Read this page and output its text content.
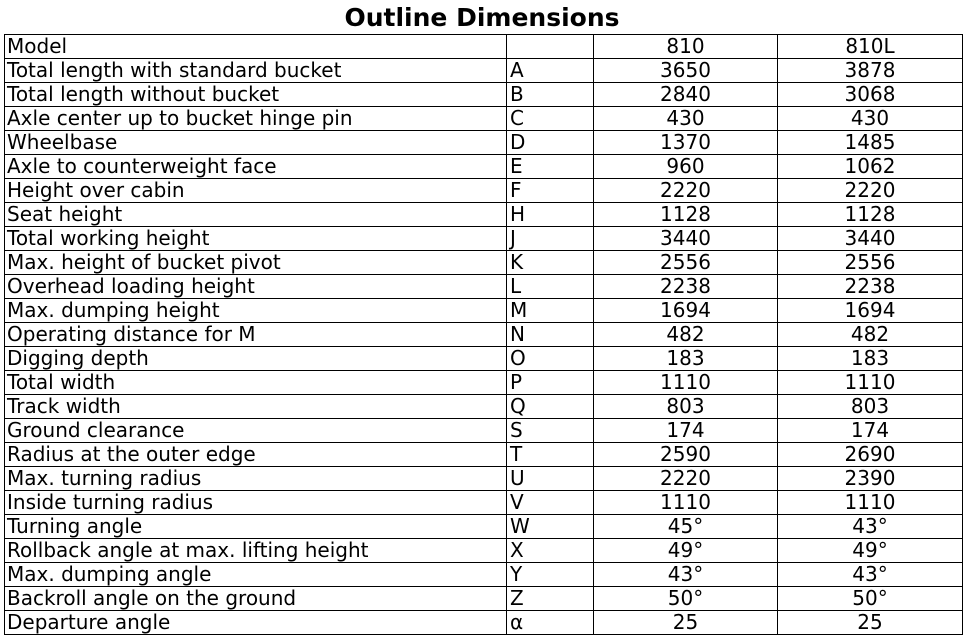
Outline Dimensions
Model		810	810L
Total length with standard bucket	A	3650	3878
Total length without bucket	B	2840	3068
Axle center up to bucket hinge pin	C	430	430
Wheelbase	D	1370	1485
Axle to counterweight face	E	960	1062
Height over cabin	F	2220	2220
Seat height	H	1128	1128
Total working height	J	3440	3440
Max. height of bucket pivot	K	2556	2556
Overhead loading height	L	2238	2238
Max. dumping height	M	1694	1694
Operating distance for M	N	482	482
Digging depth	O	183	183
Total width	P	1110	1110
Track width	Q	803	803
Ground clearance	S	174	174
Radius at the outer edge	T	2590	2690
Max. turning radius	U	2220	2390
Inside turning radius	V	1110	1110
Turning angle	W	45°	43°
Rollback angle at max. lifting height	X	49°	49°
Max. dumping angle	Y	43°	43°
Backroll angle on the ground	Z	50°	50°
Departure angle	α	25	25
